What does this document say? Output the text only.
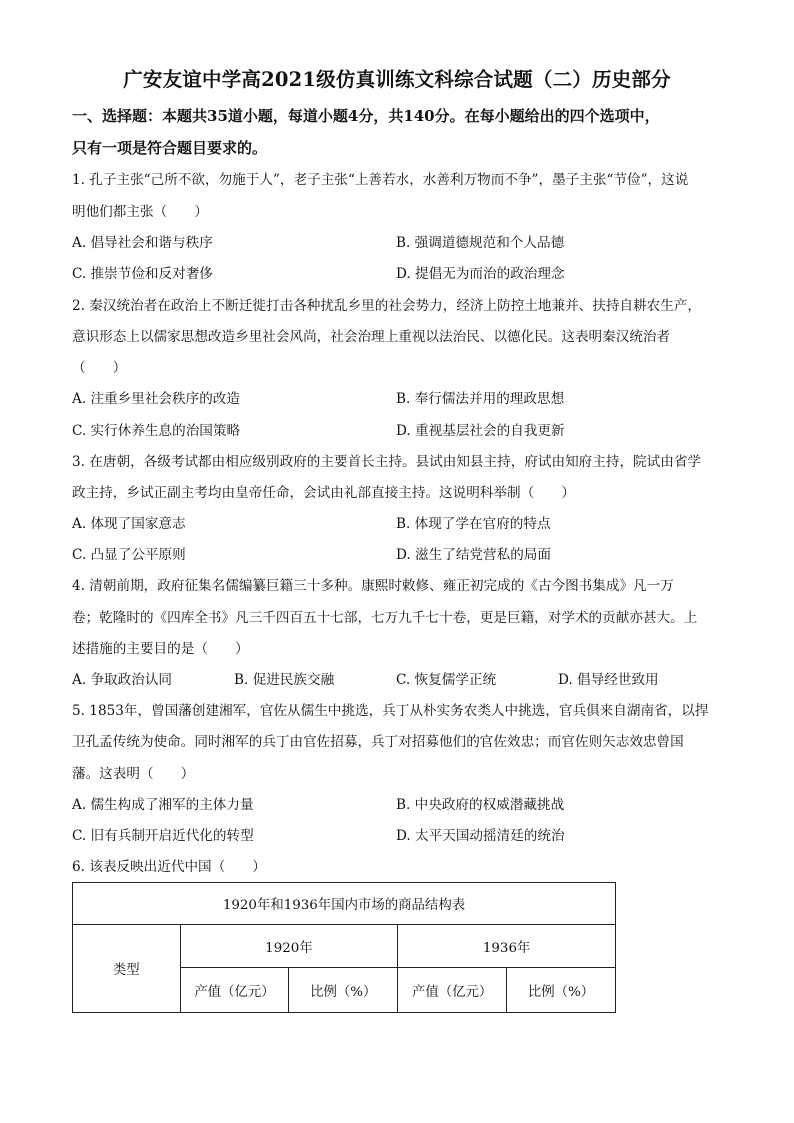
广安友谊中学高2021级仿真训练文科综合试题（二）历史部分
一、选择题：本题共35道小题，每道小题4分，共140分。在每小题给出的四个选项中，
只有一项是符合题目要求的。
1. 孔子主张“己所不欲，勿施于人”，老子主张“上善若水，水善利万物而不争”，墨子主张“节俭”，这说
明他们都主张（　　）
A. 倡导社会和谐与秩序	B. 强调道德规范和个人品德
C. 推崇节俭和反对奢侈	D. 提倡无为而治的政治理念
2. 秦汉统治者在政治上不断迁徙打击各种扰乱乡里的社会势力，经济上防控土地兼并、扶持自耕农生产，
意识形态上以儒家思想改造乡里社会风尚，社会治理上重视以法治民、以德化民。这表明秦汉统治者
（　　）
A. 注重乡里社会秩序的改造	B. 奉行儒法并用的理政思想
C. 实行休养生息的治国策略	D. 重视基层社会的自我更新
3. 在唐朝，各级考试都由相应级别政府的主要首长主持。县试由知县主持，府试由知府主持，院试由省学
政主持，乡试正副主考均由皇帝任命，会试由礼部直接主持。这说明科举制（　　）
A. 体现了国家意志	B. 体现了学在官府的特点
C. 凸显了公平原则	D. 滋生了结党营私的局面
4. 清朝前期，政府征集名儒编纂巨籍三十多种。康熙时敕修、雍正初完成的《古今图书集成》凡一万
卷；乾隆时的《四库全书》凡三千四百五十七部，七万九千七十卷，更是巨籍，对学术的贡献亦甚大。上
述措施的主要目的是（　　）
A. 争取政治认同	B. 促进民族交融	C. 恢复儒学正统	D. 倡导经世致用
5. 1853年，曾国藩创建湘军，官佐从儒生中挑选，兵丁从朴实务农类人中挑选，官兵俱来自湖南省，以捍
卫孔孟传统为使命。同时湘军的兵丁由官佐招募，兵丁对招募他们的官佐效忠；而官佐则矢志效忠曾国
藩。这表明（　　）
A. 儒生构成了湘军的主体力量	B. 中央政府的权威潜藏挑战
C. 旧有兵制开启近代化的转型	D. 太平天国动摇清廷的统治
6. 该表反映出近代中国（　　）
1920年和1936年国内市场的商品结构表				
类型	1920年		1936年	
	产值（亿元）	比例（%）	产值（亿元）	比例（%）
